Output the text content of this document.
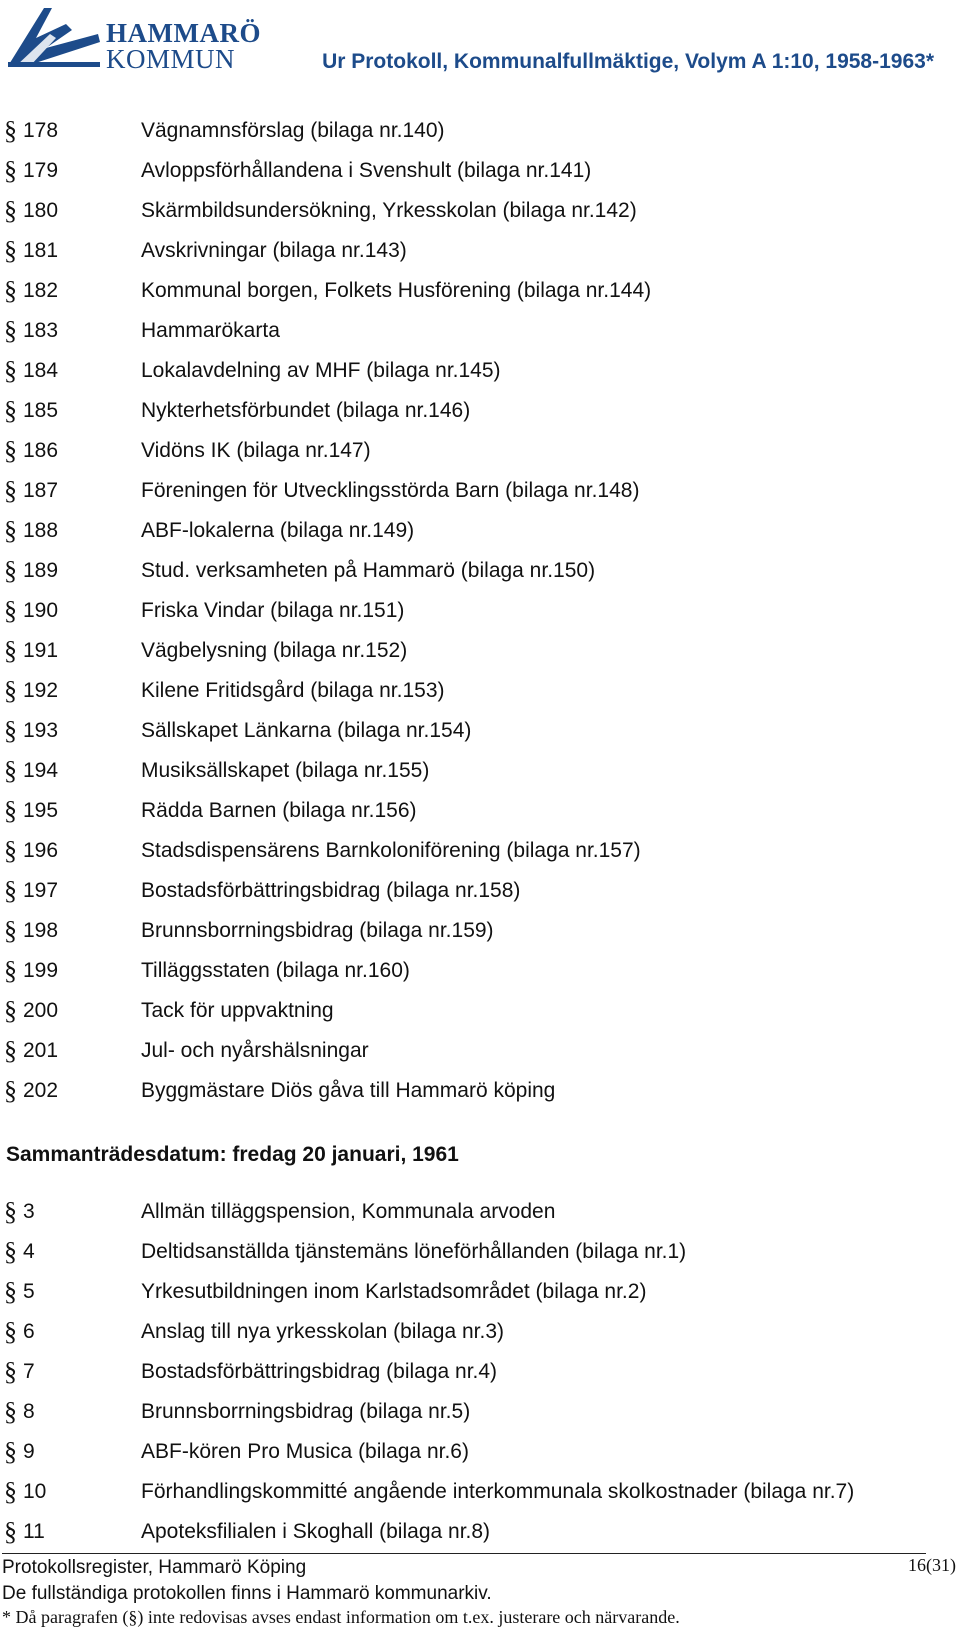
HAMMARÖ
KOMMUN	Ur Protokoll, Kommunalfullmäktige, Volym A 1:10, 1958-1963*
§ 178	Vägnamnsförslag (bilaga nr.140)
§ 179	Avloppsförhållandena i Svenshult (bilaga nr.141)
§ 180	Skärmbildsundersökning, Yrkesskolan (bilaga nr.142)
§ 181	Avskrivningar (bilaga nr.143)
§ 182	Kommunal borgen, Folkets Husförening (bilaga nr.144)
§ 183	Hammarökarta
§ 184	Lokalavdelning av MHF (bilaga nr.145)
§ 185	Nykterhetsförbundet (bilaga nr.146)
§ 186	Vidöns IK (bilaga nr.147)
§ 187	Föreningen för Utvecklingsstörda Barn (bilaga nr.148)
§ 188	ABF-lokalerna (bilaga nr.149)
§ 189	Stud. verksamheten på Hammarö (bilaga nr.150)
§ 190	Friska Vindar (bilaga nr.151)
§ 191	Vägbelysning (bilaga nr.152)
§ 192	Kilene Fritidsgård (bilaga nr.153)
§ 193	Sällskapet Länkarna (bilaga nr.154)
§ 194	Musiksällskapet (bilaga nr.155)
§ 195	Rädda Barnen (bilaga nr.156)
§ 196	Stadsdispensärens Barnkoloniförening (bilaga nr.157)
§ 197	Bostadsförbättringsbidrag (bilaga nr.158)
§ 198	Brunnsborrningsbidrag (bilaga nr.159)
§ 199	Tilläggsstaten (bilaga nr.160)
§ 200	Tack för uppvaktning
§ 201	Jul- och nyårshälsningar
§ 202	Byggmästare Diös gåva till Hammarö köping
Sammanträdesdatum: fredag 20 januari, 1961
§ 3	Allmän tilläggspension, Kommunala arvoden
§ 4	Deltidsanställda tjänstemäns löneförhållanden (bilaga nr.1)
§ 5	Yrkesutbildningen inom Karlstadsområdet (bilaga nr.2)
§ 6	Anslag till nya yrkesskolan (bilaga nr.3)
§ 7	Bostadsförbättringsbidrag (bilaga nr.4)
§ 8	Brunnsborrningsbidrag (bilaga nr.5)
§ 9	ABF-kören Pro Musica (bilaga nr.6)
§ 10	Förhandlingskommitté angående interkommunala skolkostnader (bilaga nr.7)
§ 11	Apoteksfilialen i Skoghall (bilaga nr.8)
Protokollsregister, Hammarö Köping	16(31)
De fullständiga protokollen finns i Hammarö kommunarkiv.
* Då paragrafen (§) inte redovisas avses endast information om t.ex. justerare och närvarande.
